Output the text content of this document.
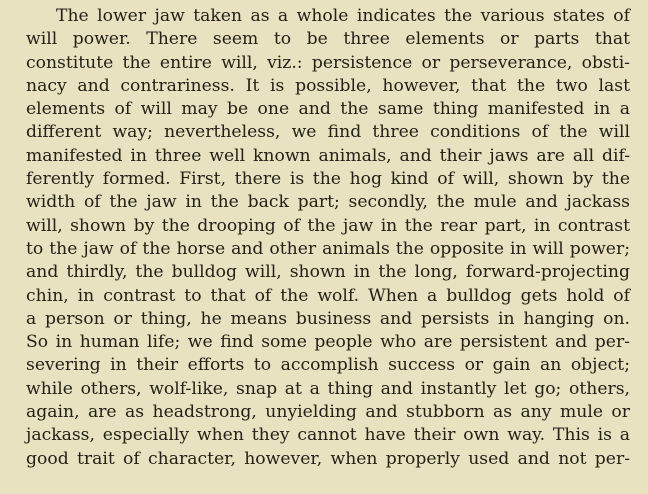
The lower jaw taken as a whole indicates the various states of
will power. There seem to be three elements or parts that
constitute the entire will, viz.: persistence or perseverance, obsti-
nacy and contrariness. It is possible, however, that the two last
elements of will may be one and the same thing manifested in a
different way; nevertheless, we find three conditions of the will
manifested in three well known animals, and their jaws are all dif-
ferently formed. First, there is the hog kind of will, shown by the
width of the jaw in the back part; secondly, the mule and jackass
will, shown by the drooping of the jaw in the rear part, in contrast
to the jaw of the horse and other animals the opposite in will power;
and thirdly, the bulldog will, shown in the long, forward-projecting
chin, in contrast to that of the wolf. When a bulldog gets hold of
a person or thing, he means business and persists in hanging on.
So in human life; we find some people who are persistent and per-
severing in their efforts to accomplish success or gain an object;
while others, wolf-like, snap at a thing and instantly let go; others,
again, are as headstrong, unyielding and stubborn as any mule or
jackass, especially when they cannot have their own way. This is a
good trait of character, however, when properly used and not per-
